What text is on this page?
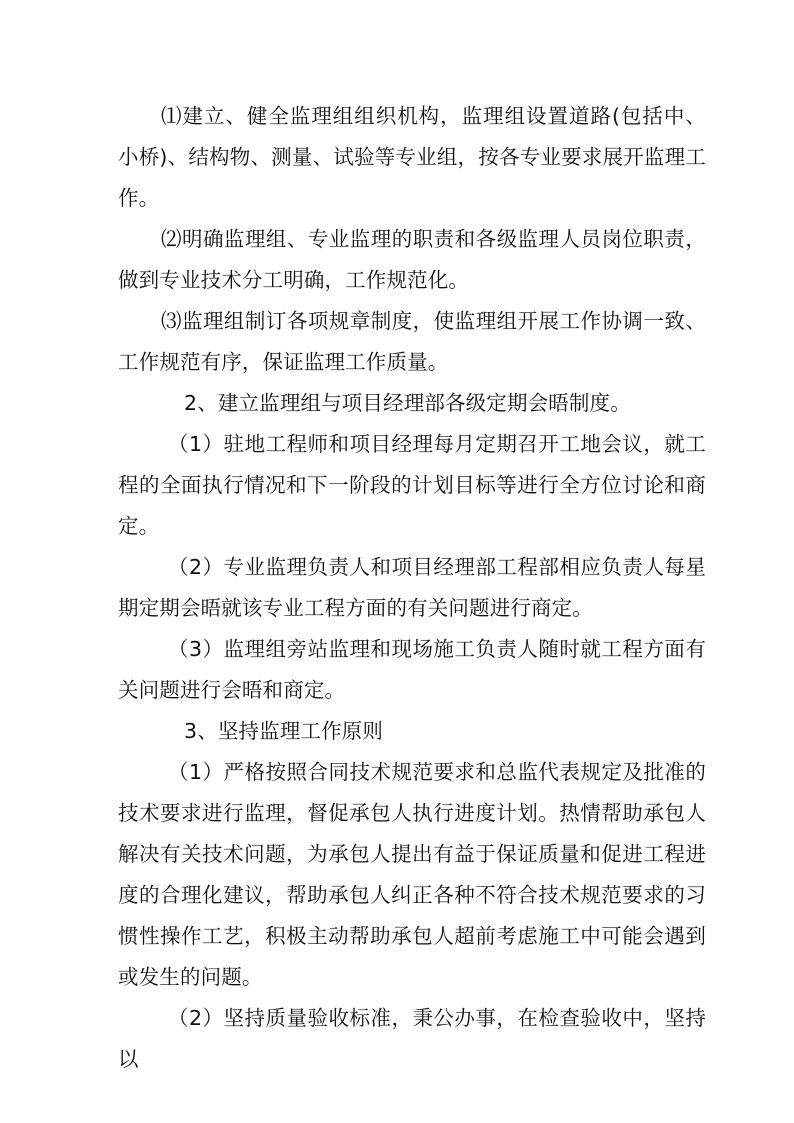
⑴建立、健全监理组组织机构，监理组设置道路(包括中、小桥)、结构物、测量、试验等专业组，按各专业要求展开监理工作。

⑵明确监理组、专业监理的职责和各级监理人员岗位职责，做到专业技术分工明确，工作规范化。

⑶监理组制订各项规章制度，使监理组开展工作协调一致、工作规范有序，保证监理工作质量。

2、建立监理组与项目经理部各级定期会晤制度。

（1）驻地工程师和项目经理每月定期召开工地会议，就工程的全面执行情况和下一阶段的计划目标等进行全方位讨论和商定。

（2）专业监理负责人和项目经理部工程部相应负责人每星期定期会晤就该专业工程方面的有关问题进行商定。

（3）监理组旁站监理和现场施工负责人随时就工程方面有关问题进行会晤和商定。

3、坚持监理工作原则

（1）严格按照合同技术规范要求和总监代表规定及批准的技术要求进行监理，督促承包人执行进度计划。热情帮助承包人解决有关技术问题，为承包人提出有益于保证质量和促进工程进度的合理化建议，帮助承包人纠正各种不符合技术规范要求的习惯性操作工艺，积极主动帮助承包人超前考虑施工中可能会遇到或发生的问题。

（2）坚持质量验收标准，秉公办事，在检查验收中，坚持以
